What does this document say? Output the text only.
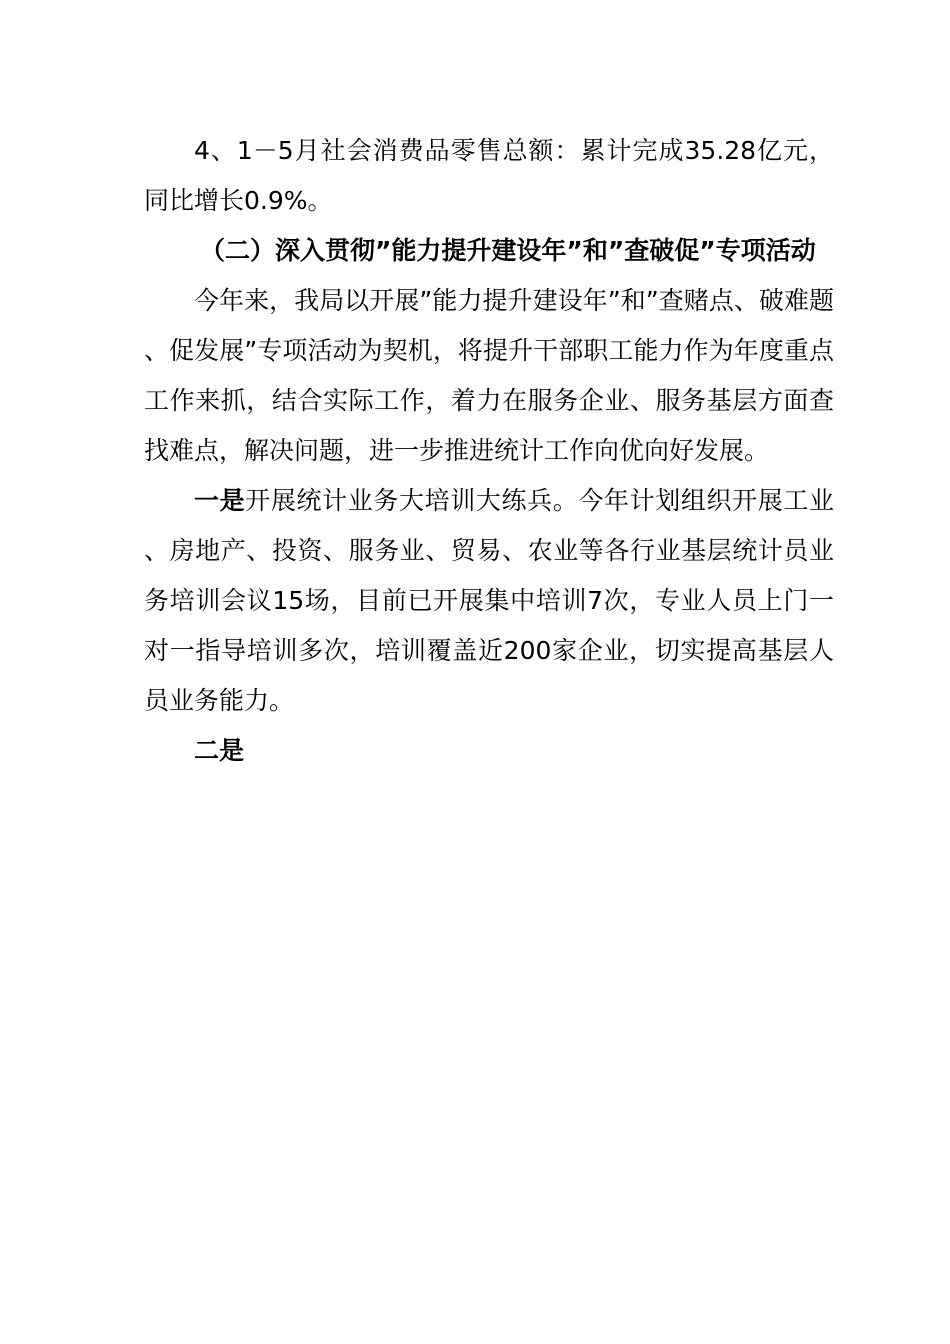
4、1－5月社会消费品零售总额：累计完成35.28亿元，同比增长0.9%。

（二）深入贯彻”能力提升建设年”和”查破促”专项活动

今年来，我局以开展”能力提升建设年”和”查赌点、破难题、促发展”专项活动为契机，将提升干部职工能力作为年度重点工作来抓，结合实际工作，着力在服务企业、服务基层方面查找难点，解决问题，进一步推进统计工作向优向好发展。

一是开展统计业务大培训大练兵。今年计划组织开展工业、房地产、投资、服务业、贸易、农业等各行业基层统计员业务培训会议15场，目前已开展集中培训7次，专业人员上门一对一指导培训多次，培训覆盖近200家企业，切实提高基层人员业务能力。

二是
